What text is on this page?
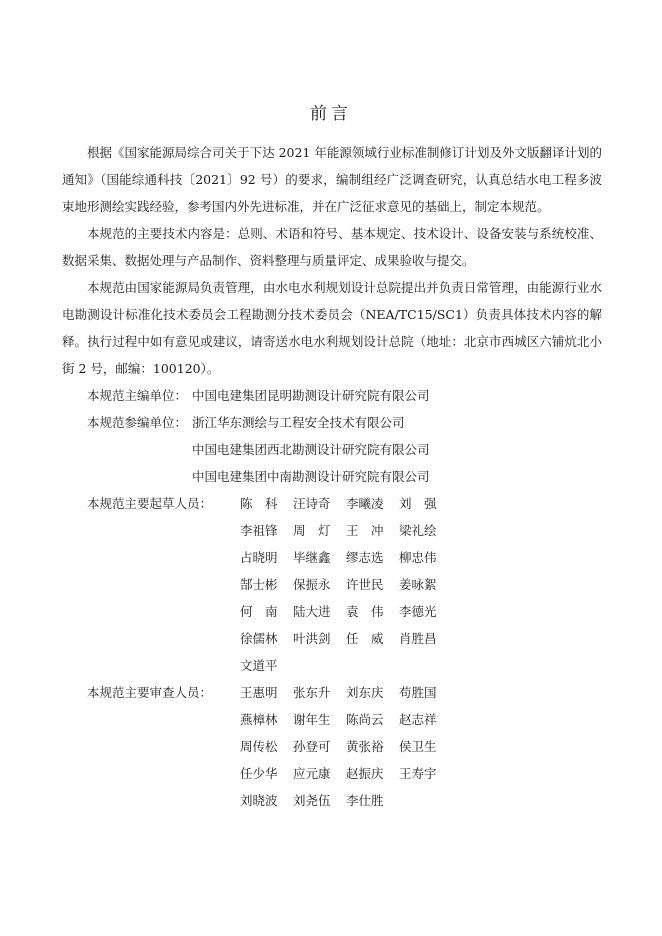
前言

根据《国家能源局综合司关于下达 2021 年能源领域行业标准制修订计划及外文版翻译计划的通知》（国能综通科技〔2021〕92 号）的要求，编制组经广泛调查研究，认真总结水电工程多波束地形测绘实践经验，参考国内外先进标准，并在广泛征求意见的基础上，制定本规范。

本规范的主要技术内容是：总则、术语和符号、基本规定、技术设计、设备安装与系统校准、数据采集、数据处理与产品制作、资料整理与质量评定、成果验收与提交。

本规范由国家能源局负责管理，由水电水利规划设计总院提出并负责日常管理，由能源行业水电勘测设计标准化技术委员会工程勘测分技术委员会（NEA/TC15/SC1）负责具体技术内容的解释。执行过程中如有意见或建议，请寄送水电水利规划设计总院（地址：北京市西城区六铺炕北小街 2 号，邮编：100120）。

本规范主编单位： 中国电建集团昆明勘测设计研究院有限公司
本规范参编单位： 浙江华东测绘与工程安全技术有限公司
中国电建集团西北勘测设计研究院有限公司
中国电建集团中南勘测设计研究院有限公司
本规范主要起草人员：	陈　科	汪诗奇	李曦凌	刘　强
李祖锋	周　灯	王　冲	梁礼绘
占晓明	毕继鑫	缪志选	柳忠伟
郜士彬	保振永	许世民	姜咏絮
何　南	陆大进	袁　伟	李德光
徐儒林	叶洪剑	任　威	肖胜昌
文道平
本规范主要审查人员：	王惠明	张东升	刘东庆	苟胜国
燕樟林	谢年生	陈尚云	赵志祥
周传松	孙登可	黄张裕	侯卫生
任少华	应元康	赵振庆	王寿宇
刘晓波	刘尧伍	李仕胜
